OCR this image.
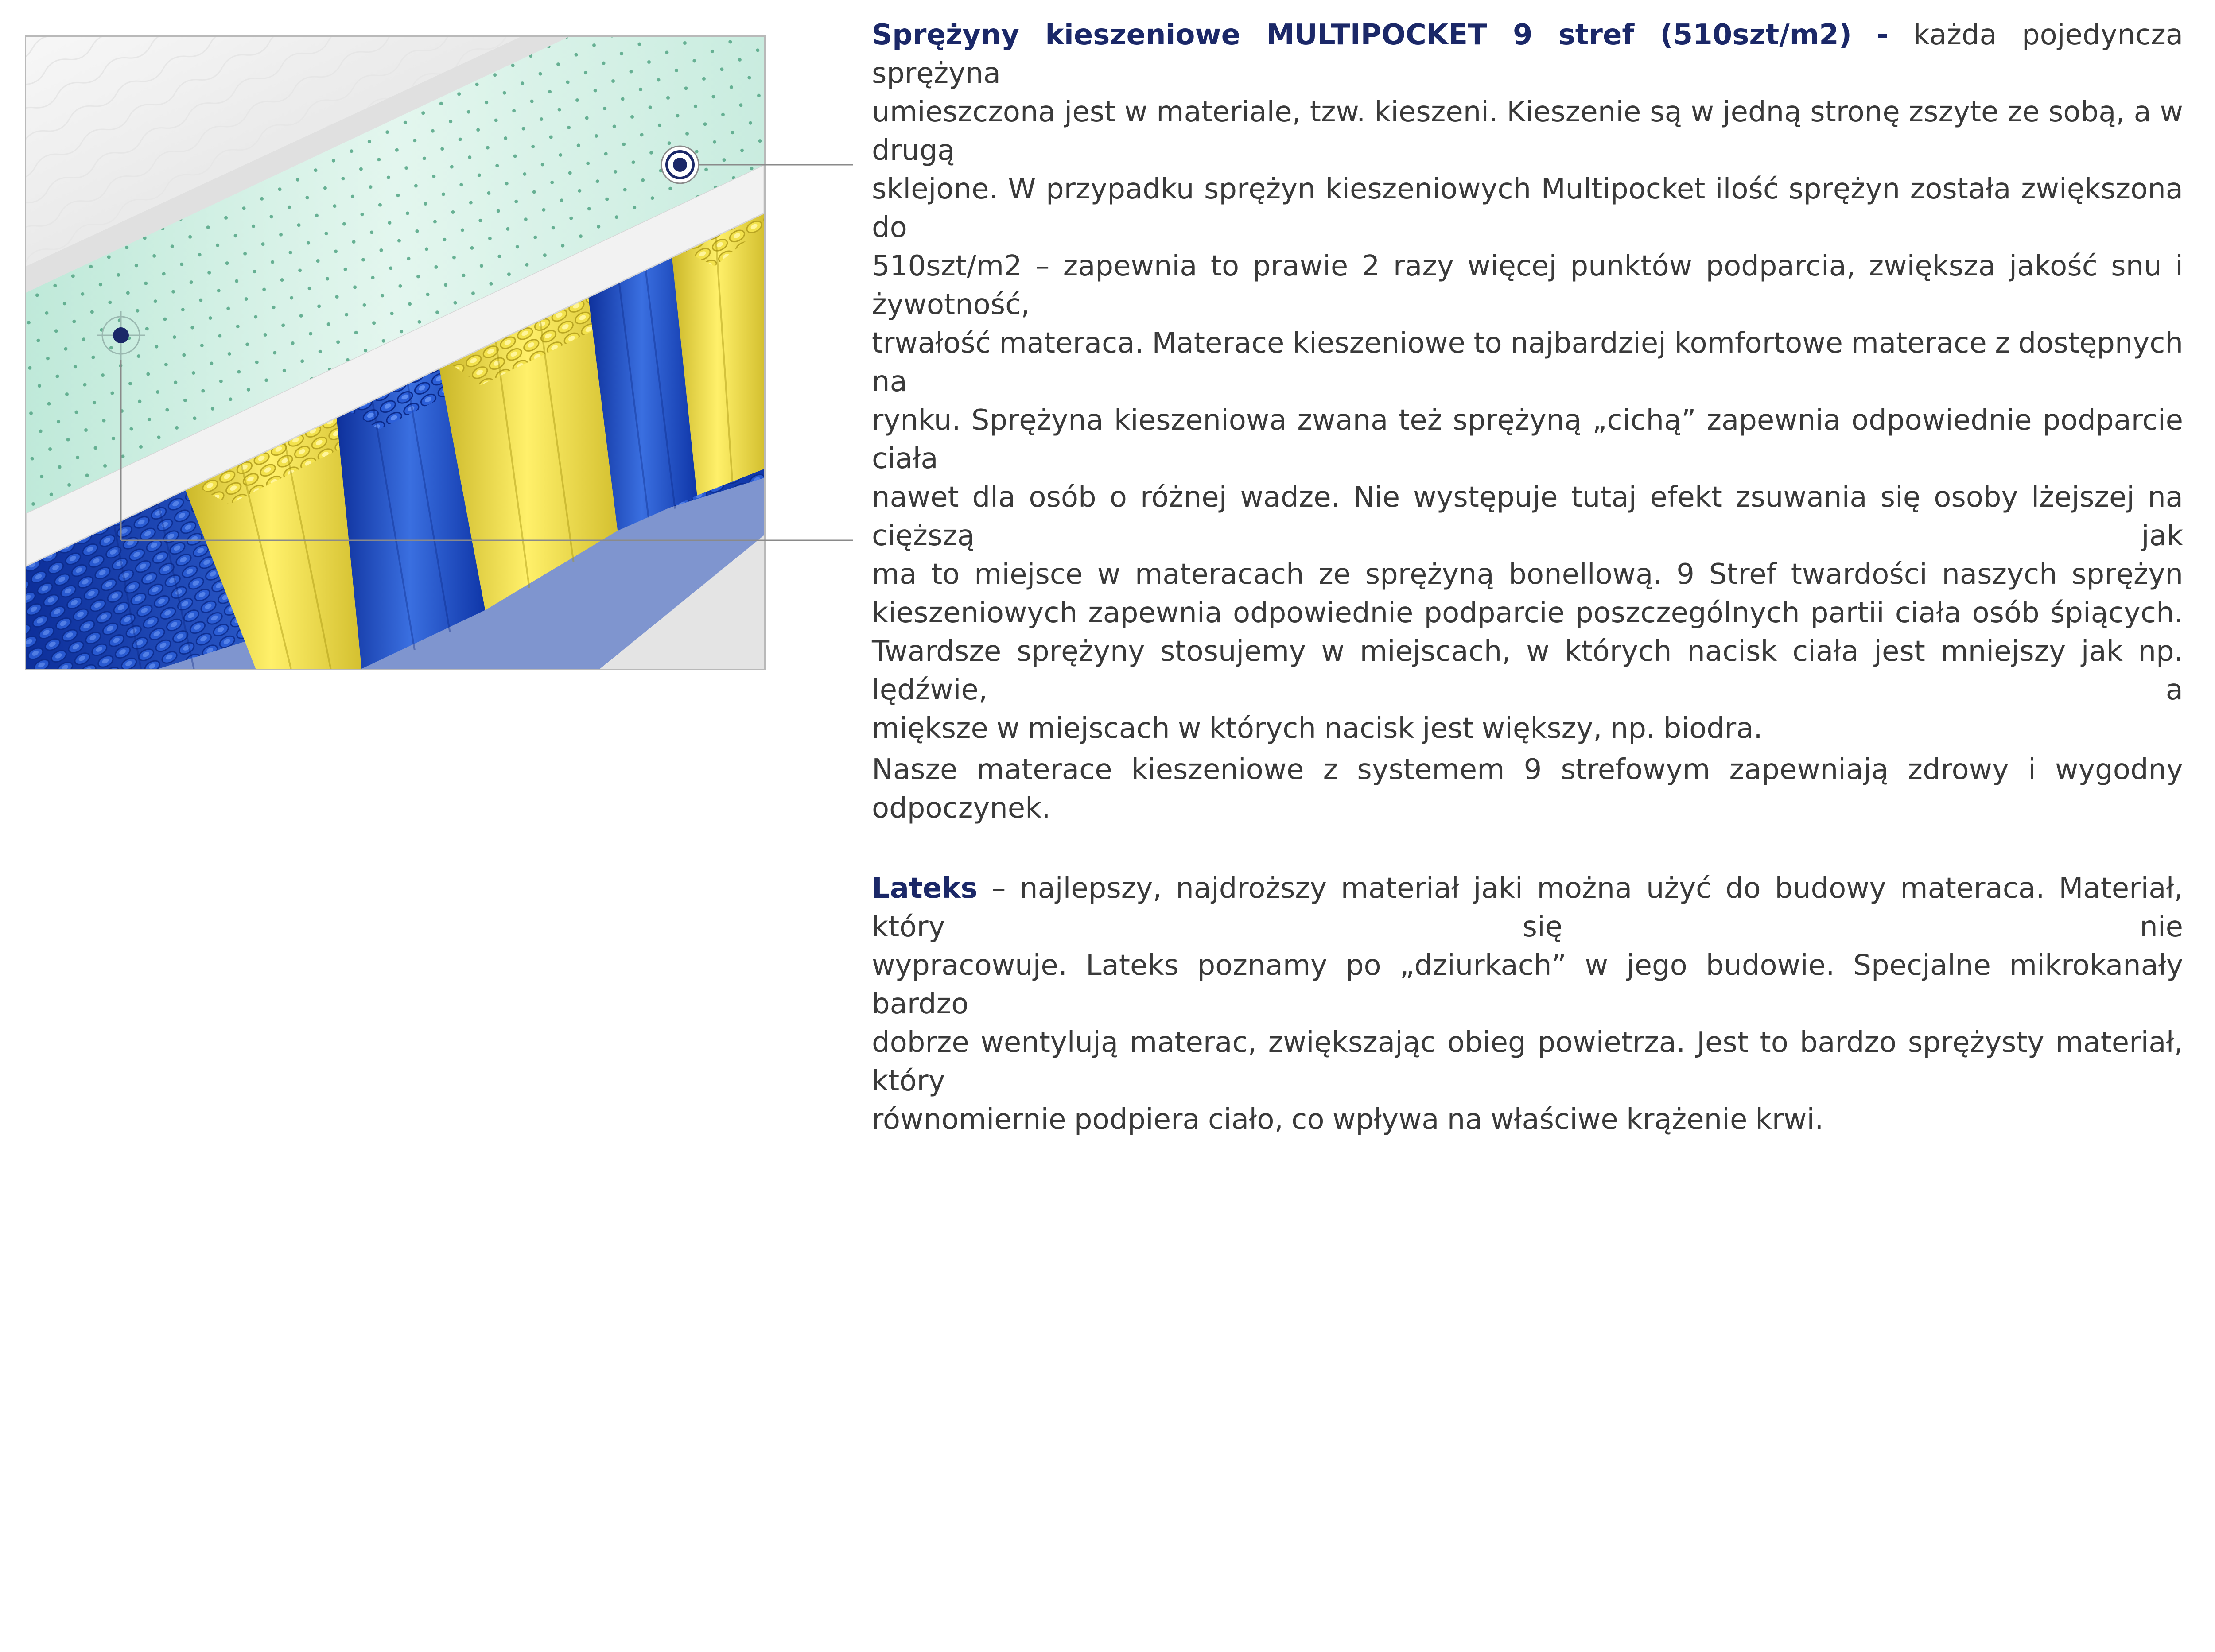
Sprężyny kieszeniowe MULTIPOCKET 9 stref (510szt/m2) - każda pojedyncza sprężyna

umieszczona jest w materiale, tzw. kieszeni. Kieszenie są w jedną stronę zszyte ze sobą, a w drugą

sklejone. W przypadku sprężyn kieszeniowych Multipocket ilość sprężyn została zwiększona do

510szt/m2 – zapewnia to prawie 2 razy więcej punktów podparcia, zwiększa jakość snu i żywotność,

trwałość materaca. Materace kieszeniowe to najbardziej komfortowe materace z dostępnych na

rynku. Sprężyna kieszeniowa zwana też sprężyną „cichą” zapewnia odpowiednie podparcie ciała

nawet dla osób o różnej wadze. Nie występuje tutaj efekt zsuwania się osoby lżejszej na cięższą jak

ma to miejsce w materacach ze sprężyną bonellową. 9 Stref twardości naszych sprężyn

kieszeniowych zapewnia odpowiednie podparcie poszczególnych partii ciała osób śpiących.

Twardsze sprężyny stosujemy w miejscach, w których nacisk ciała jest mniejszy jak np. lędźwie, a

miększe w miejscach w których nacisk jest większy, np. biodra.

Nasze materace kieszeniowe z systemem 9 strefowym zapewniają zdrowy i wygodny odpoczynek.

Lateks – najlepszy, najdroższy materiał jaki można użyć do budowy materaca. Materiał, który się nie

wypracowuje. Lateks poznamy po „dziurkach” w jego budowie. Specjalne mikrokanały bardzo

dobrze wentylują materac, zwiększając obieg powietrza. Jest to bardzo sprężysty materiał, który

równomiernie podpiera ciało, co wpływa na właściwe krążenie krwi.
